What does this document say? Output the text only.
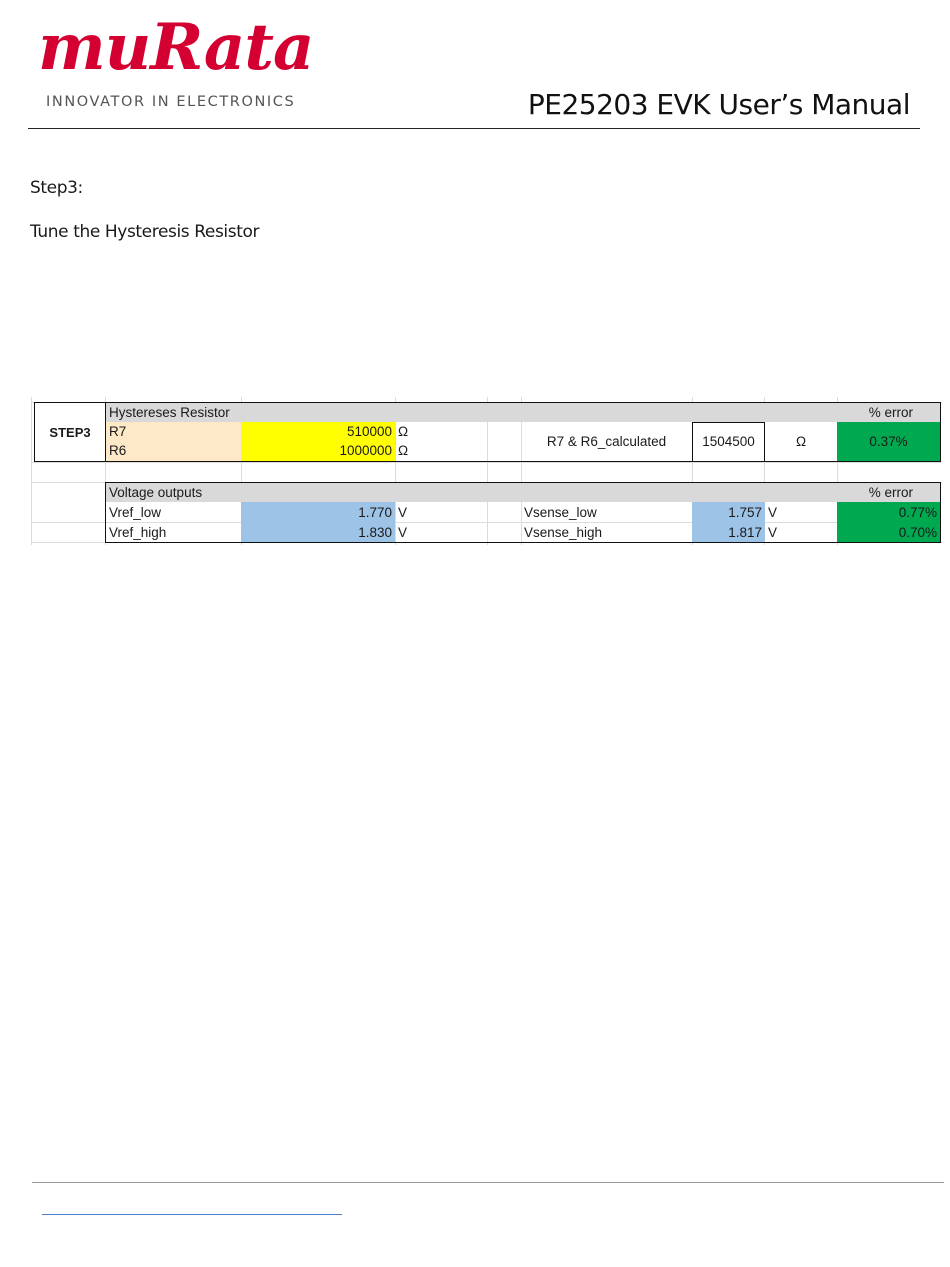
muRata
INNOVATOR IN ELECTRONICS	PE25203 EVK User’s Manual
Step3:
Tune the Hysteresis Resistor
STEP3
Hystereses Resistor	% error
R7	510000 Ω
R6	1000000 Ω
R7 & R6_calculated	1504500	Ω	0.37%
Voltage outputs	% error
Vref_low	1.770 V	Vsense_low	1.757 V	0.77%
Vref_high	1.830 V	Vsense_high	1.817 V	0.70%
